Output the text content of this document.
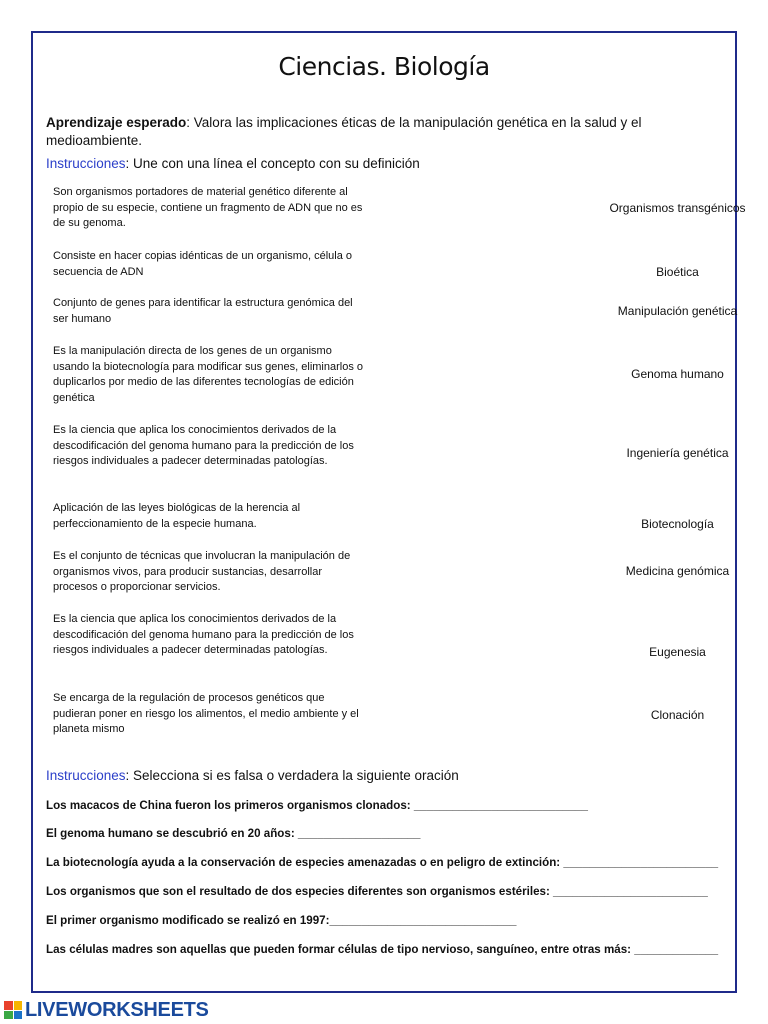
Ciencias. Biología
Aprendizaje esperado: Valora las implicaciones éticas de la manipulación genética en la salud y el medioambiente.
Instrucciones: Une con una línea el concepto con su definición
Son organismos portadores de material genético diferente al propio de su especie, contiene un fragmento de ADN que no es de su genoma.
Consiste en hacer copias idénticas de un organismo, célula o secuencia de ADN
Conjunto de genes para identificar la estructura genómica del ser humano
Es la manipulación directa de los genes de un organismo usando la biotecnología para modificar sus genes, eliminarlos o duplicarlos por medio de las diferentes tecnologías de edición genética
Es la ciencia que aplica los conocimientos derivados de la descodificación del genoma humano para la predicción de los riesgos individuales a padecer determinadas patologías.
Aplicación de las leyes biológicas de la herencia al perfeccionamiento de la especie humana.
Es el conjunto de técnicas que involucran la manipulación de organismos vivos, para producir sustancias, desarrollar procesos o proporcionar servicios.
Es la ciencia que aplica los conocimientos derivados de la descodificación del genoma humano para la predicción de los riesgos individuales a padecer determinadas patologías.
Se encarga de la regulación de procesos genéticos que pudieran poner en riesgo los alimentos, el medio ambiente y el planeta mismo
Organismos transgénicos
Bioética
Manipulación genética
Genoma humano
Ingeniería genética
Biotecnología
Medicina genómica
Eugenesia
Clonación
Instrucciones: Selecciona si es falsa o verdadera la siguiente oración
Los macacos de China fueron los primeros organismos clonados: ___________________________
El genoma humano se descubrió en 20 años: ___________________
La biotecnología ayuda a la conservación de especies amenazadas o en peligro de extinción: ________________________
Los organismos que son el resultado de dos especies diferentes son organismos estériles: ________________________
El primer organismo modificado se realizó en 1997:_____________________________
Las células madres son aquellas que pueden formar células de tipo nervioso, sanguíneo, entre otras más: _____________
LIVEWORKSHEETS
